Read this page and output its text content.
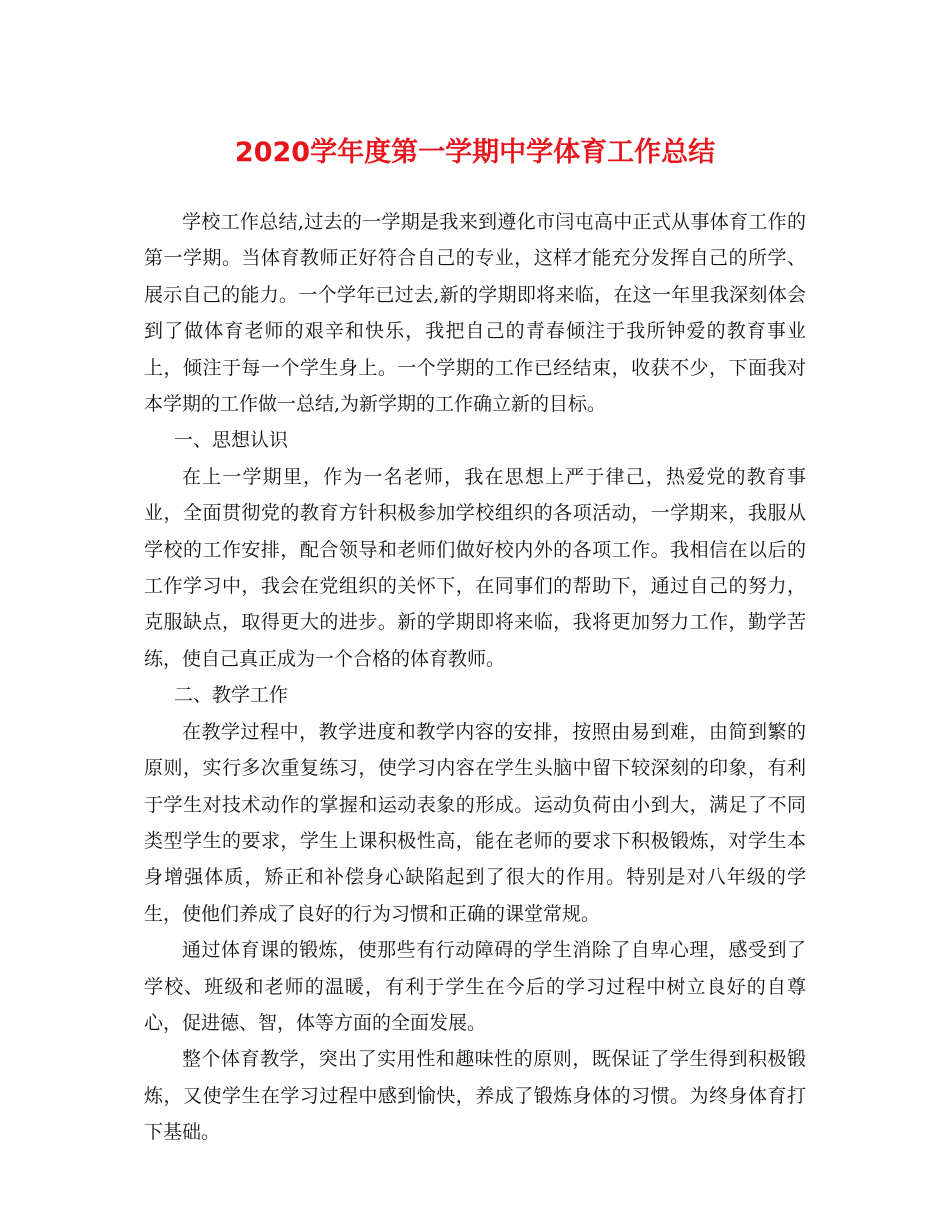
2020学年度第一学期中学体育工作总结

学校工作总结,过去的一学期是我来到遵化市闫屯高中正式从事体育工作的第一学期。当体育教师正好符合自己的专业，这样才能充分发挥自己的所学、展示自己的能力。一个学年已过去,新的学期即将来临，在这一年里我深刻体会到了做体育老师的艰辛和快乐，我把自己的青春倾注于我所钟爱的教育事业上，倾注于每一个学生身上。一个学期的工作已经结束，收获不少，下面我对本学期的工作做一总结,为新学期的工作确立新的目标。

一、思想认识

在上一学期里，作为一名老师，我在思想上严于律己，热爱党的教育事业，全面贯彻党的教育方针积极参加学校组织的各项活动，一学期来，我服从学校的工作安排，配合领导和老师们做好校内外的各项工作。我相信在以后的工作学习中，我会在党组织的关怀下，在同事们的帮助下，通过自己的努力，克服缺点，取得更大的进步。新的学期即将来临，我将更加努力工作，勤学苦练，使自己真正成为一个合格的体育教师。

二、教学工作

在教学过程中，教学进度和教学内容的安排，按照由易到难，由简到繁的原则，实行多次重复练习，使学习内容在学生头脑中留下较深刻的印象，有利于学生对技术动作的掌握和运动表象的形成。运动负荷由小到大，满足了不同类型学生的要求，学生上课积极性高，能在老师的要求下积极锻炼，对学生本身增强体质，矫正和补偿身心缺陷起到了很大的作用。特别是对八年级的学生，使他们养成了良好的行为习惯和正确的课堂常规。

通过体育课的锻炼，使那些有行动障碍的学生消除了自卑心理，感受到了学校、班级和老师的温暖，有利于学生在今后的学习过程中树立良好的自尊心，促进德、智，体等方面的全面发展。

整个体育教学，突出了实用性和趣味性的原则，既保证了学生得到积极锻炼，又使学生在学习过程中感到愉快，养成了锻炼身体的习惯。为终身体育打下基础。
